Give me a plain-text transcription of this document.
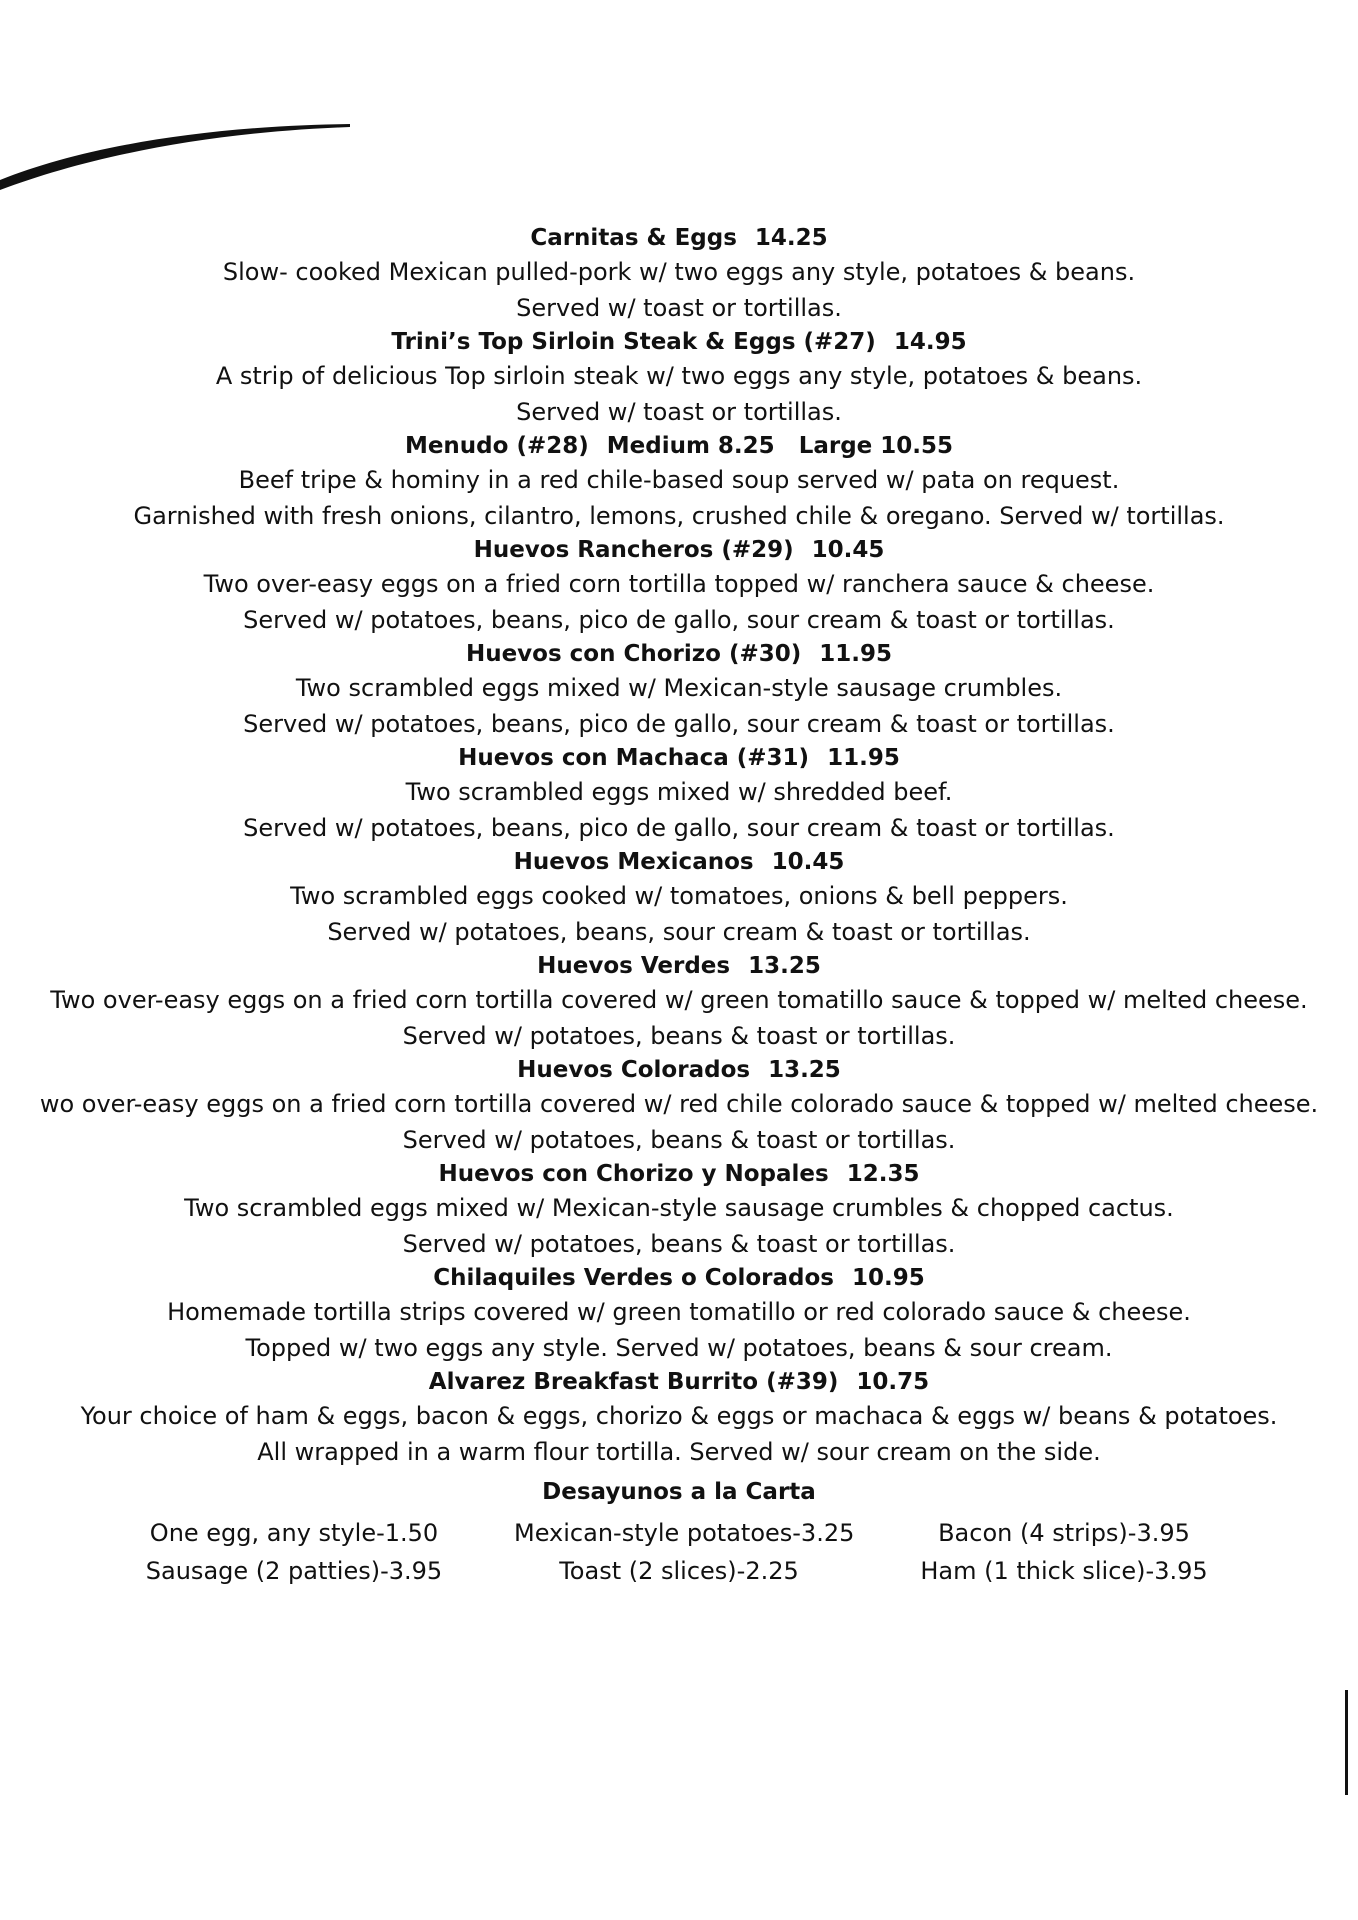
Carnitas & Eggs 14.25
Slow- cooked Mexican pulled-pork w/ two eggs any style, potatoes & beans.
Served w/ toast or tortillas.
Trini’s Top Sirloin Steak & Eggs (#27) 14.95
A strip of delicious Top sirloin steak w/ two eggs any style, potatoes & beans.
Served w/ toast or tortillas.
Menudo (#28) Medium 8.25   Large 10.55
Beef tripe & hominy in a red chile-based soup served w/ pata on request.
Garnished with fresh onions, cilantro, lemons, crushed chile & oregano. Served w/ tortillas.
Huevos Rancheros (#29) 10.45
Two over-easy eggs on a fried corn tortilla topped w/ ranchera sauce & cheese.
Served w/ potatoes, beans, pico de gallo, sour cream & toast or tortillas.
Huevos con Chorizo (#30) 11.95
Two scrambled eggs mixed w/ Mexican-style sausage crumbles.
Served w/ potatoes, beans, pico de gallo, sour cream & toast or tortillas.
Huevos con Machaca (#31) 11.95
Two scrambled eggs mixed w/ shredded beef.
Served w/ potatoes, beans, pico de gallo, sour cream & toast or tortillas.
Huevos Mexicanos 10.45
Two scrambled eggs cooked w/ tomatoes, onions & bell peppers.
Served w/ potatoes, beans, sour cream & toast or tortillas.
Huevos Verdes 13.25
Two over-easy eggs on a fried corn tortilla covered w/ green tomatillo sauce & topped w/ melted cheese.
Served w/ potatoes, beans & toast or tortillas.
Huevos Colorados 13.25
wo over-easy eggs on a fried corn tortilla covered w/ red chile colorado sauce & topped w/ melted cheese.
Served w/ potatoes, beans & toast or tortillas.
Huevos con Chorizo y Nopales 12.35
Two scrambled eggs mixed w/ Mexican-style sausage crumbles & chopped cactus.
Served w/ potatoes, beans & toast or tortillas.
Chilaquiles Verdes o Colorados 10.95
Homemade tortilla strips covered w/ green tomatillo or red colorado sauce & cheese.
Topped w/ two eggs any style. Served w/ potatoes, beans & sour cream.
Alvarez Breakfast Burrito (#39) 10.75
Your choice of ham & eggs, bacon & eggs, chorizo & eggs or machaca & eggs w/ beans & potatoes.
All wrapped in a warm flour tortilla. Served w/ sour cream on the side.
Desayunos a la Carta
One egg, any style-1.50
Sausage (2 patties)-3.95
Mexican-style potatoes-3.25
Toast (2 slices)-2.25
Bacon (4 strips)-3.95
Ham (1 thick slice)-3.95
